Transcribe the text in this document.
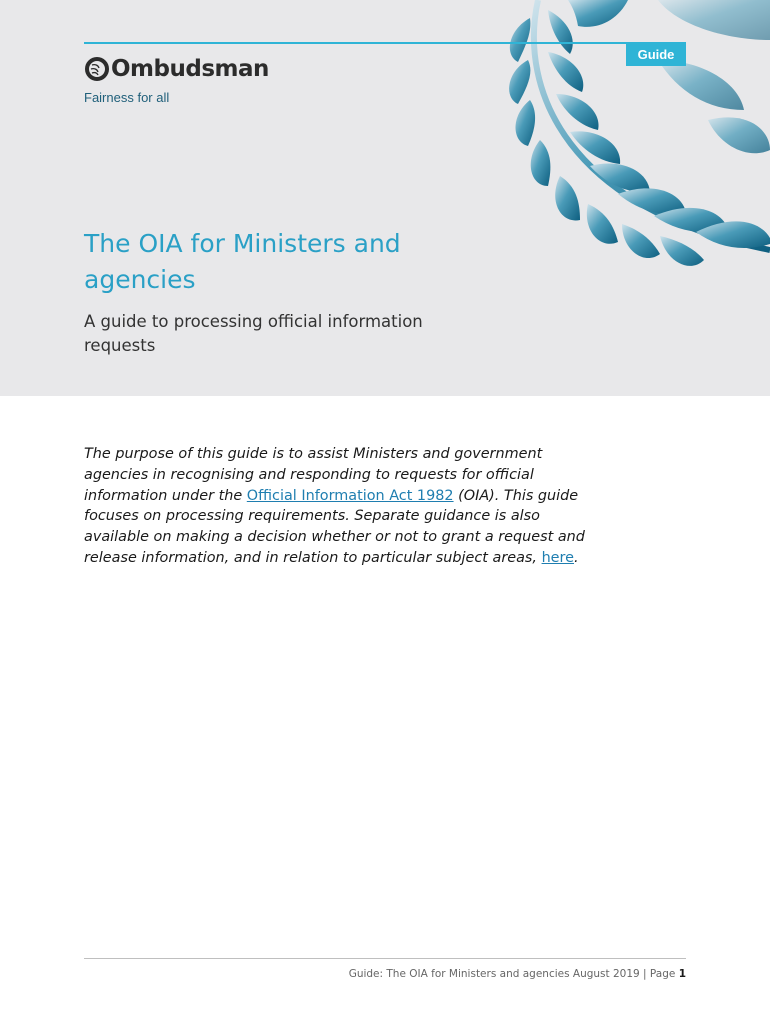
Guide
Ombudsman
Fairness for all
The OIA for Ministers and agencies

A guide to processing official information requests

The purpose of this guide is to assist Ministers and government agencies in recognising and responding to requests for official information under the Official Information Act 1982 (OIA). This guide focuses on processing requirements. Separate guidance is also available on making a decision whether or not to grant a request and release information, and in relation to particular subject areas, here.

Guide: The OIA for Ministers and agencies August 2019 | Page 1
